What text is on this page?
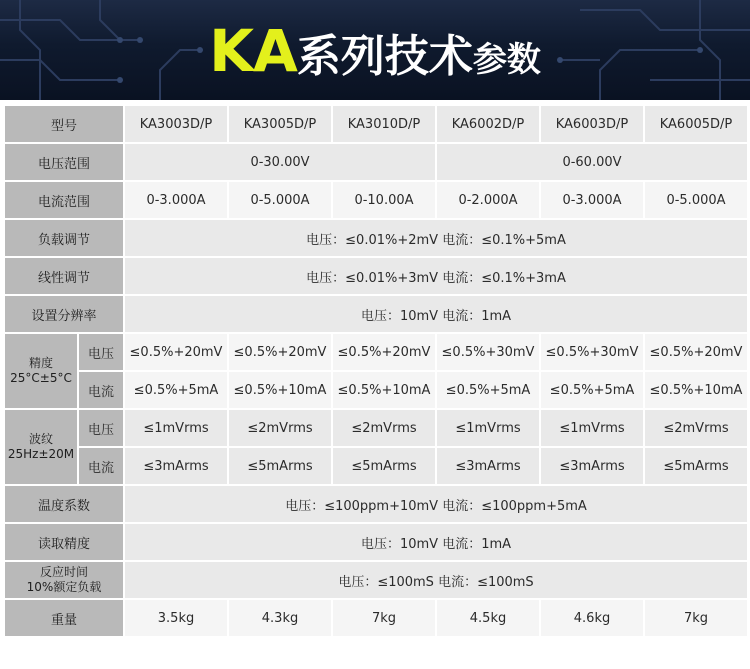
KA系列技术参数
型号		KA3003D/P	KA3005D/P	KA3010D/P	KA6002D/P	KA6003D/P	KA6005D/P
电压范围		0-30.00V			0-60.00V		
电流范围		0-3.000A	0-5.000A	0-10.00A	0-2.000A	0-3.000A	0-5.000A
负载调节		电压：≤0.01%+2mV 电流：≤0.1%+5mA					
线性调节		电压：≤0.01%+3mV 电流：≤0.1%+3mA					
设置分辨率		电压：10mV 电流：1mA					

精度
25°C±5°C	电压	≤0.5%+20mV	≤0.5%+20mV	≤0.5%+20mV	≤0.5%+30mV	≤0.5%+30mV	≤0.5%+20mV
	电流	≤0.5%+5mA	≤0.5%+10mA	≤0.5%+10mA	≤0.5%+5mA	≤0.5%+5mA	≤0.5%+10mA

波纹
25Hz±20M	电压	≤1mVrms	≤2mVrms	≤2mVrms	≤1mVrms	≤1mVrms	≤2mVrms
	电流	≤3mArms	≤5mArms	≤5mArms	≤3mArms	≤3mArms	≤5mArms
温度系数		电压：≤100ppm+10mV 电流：≤100ppm+5mA					
读取精度		电压：10mV 电流：1mA					

反应时间
10%额定负载		电压：≤100mS 电流：≤100mS					
重量		3.5kg	4.3kg	7kg	4.5kg	4.6kg	7kg
